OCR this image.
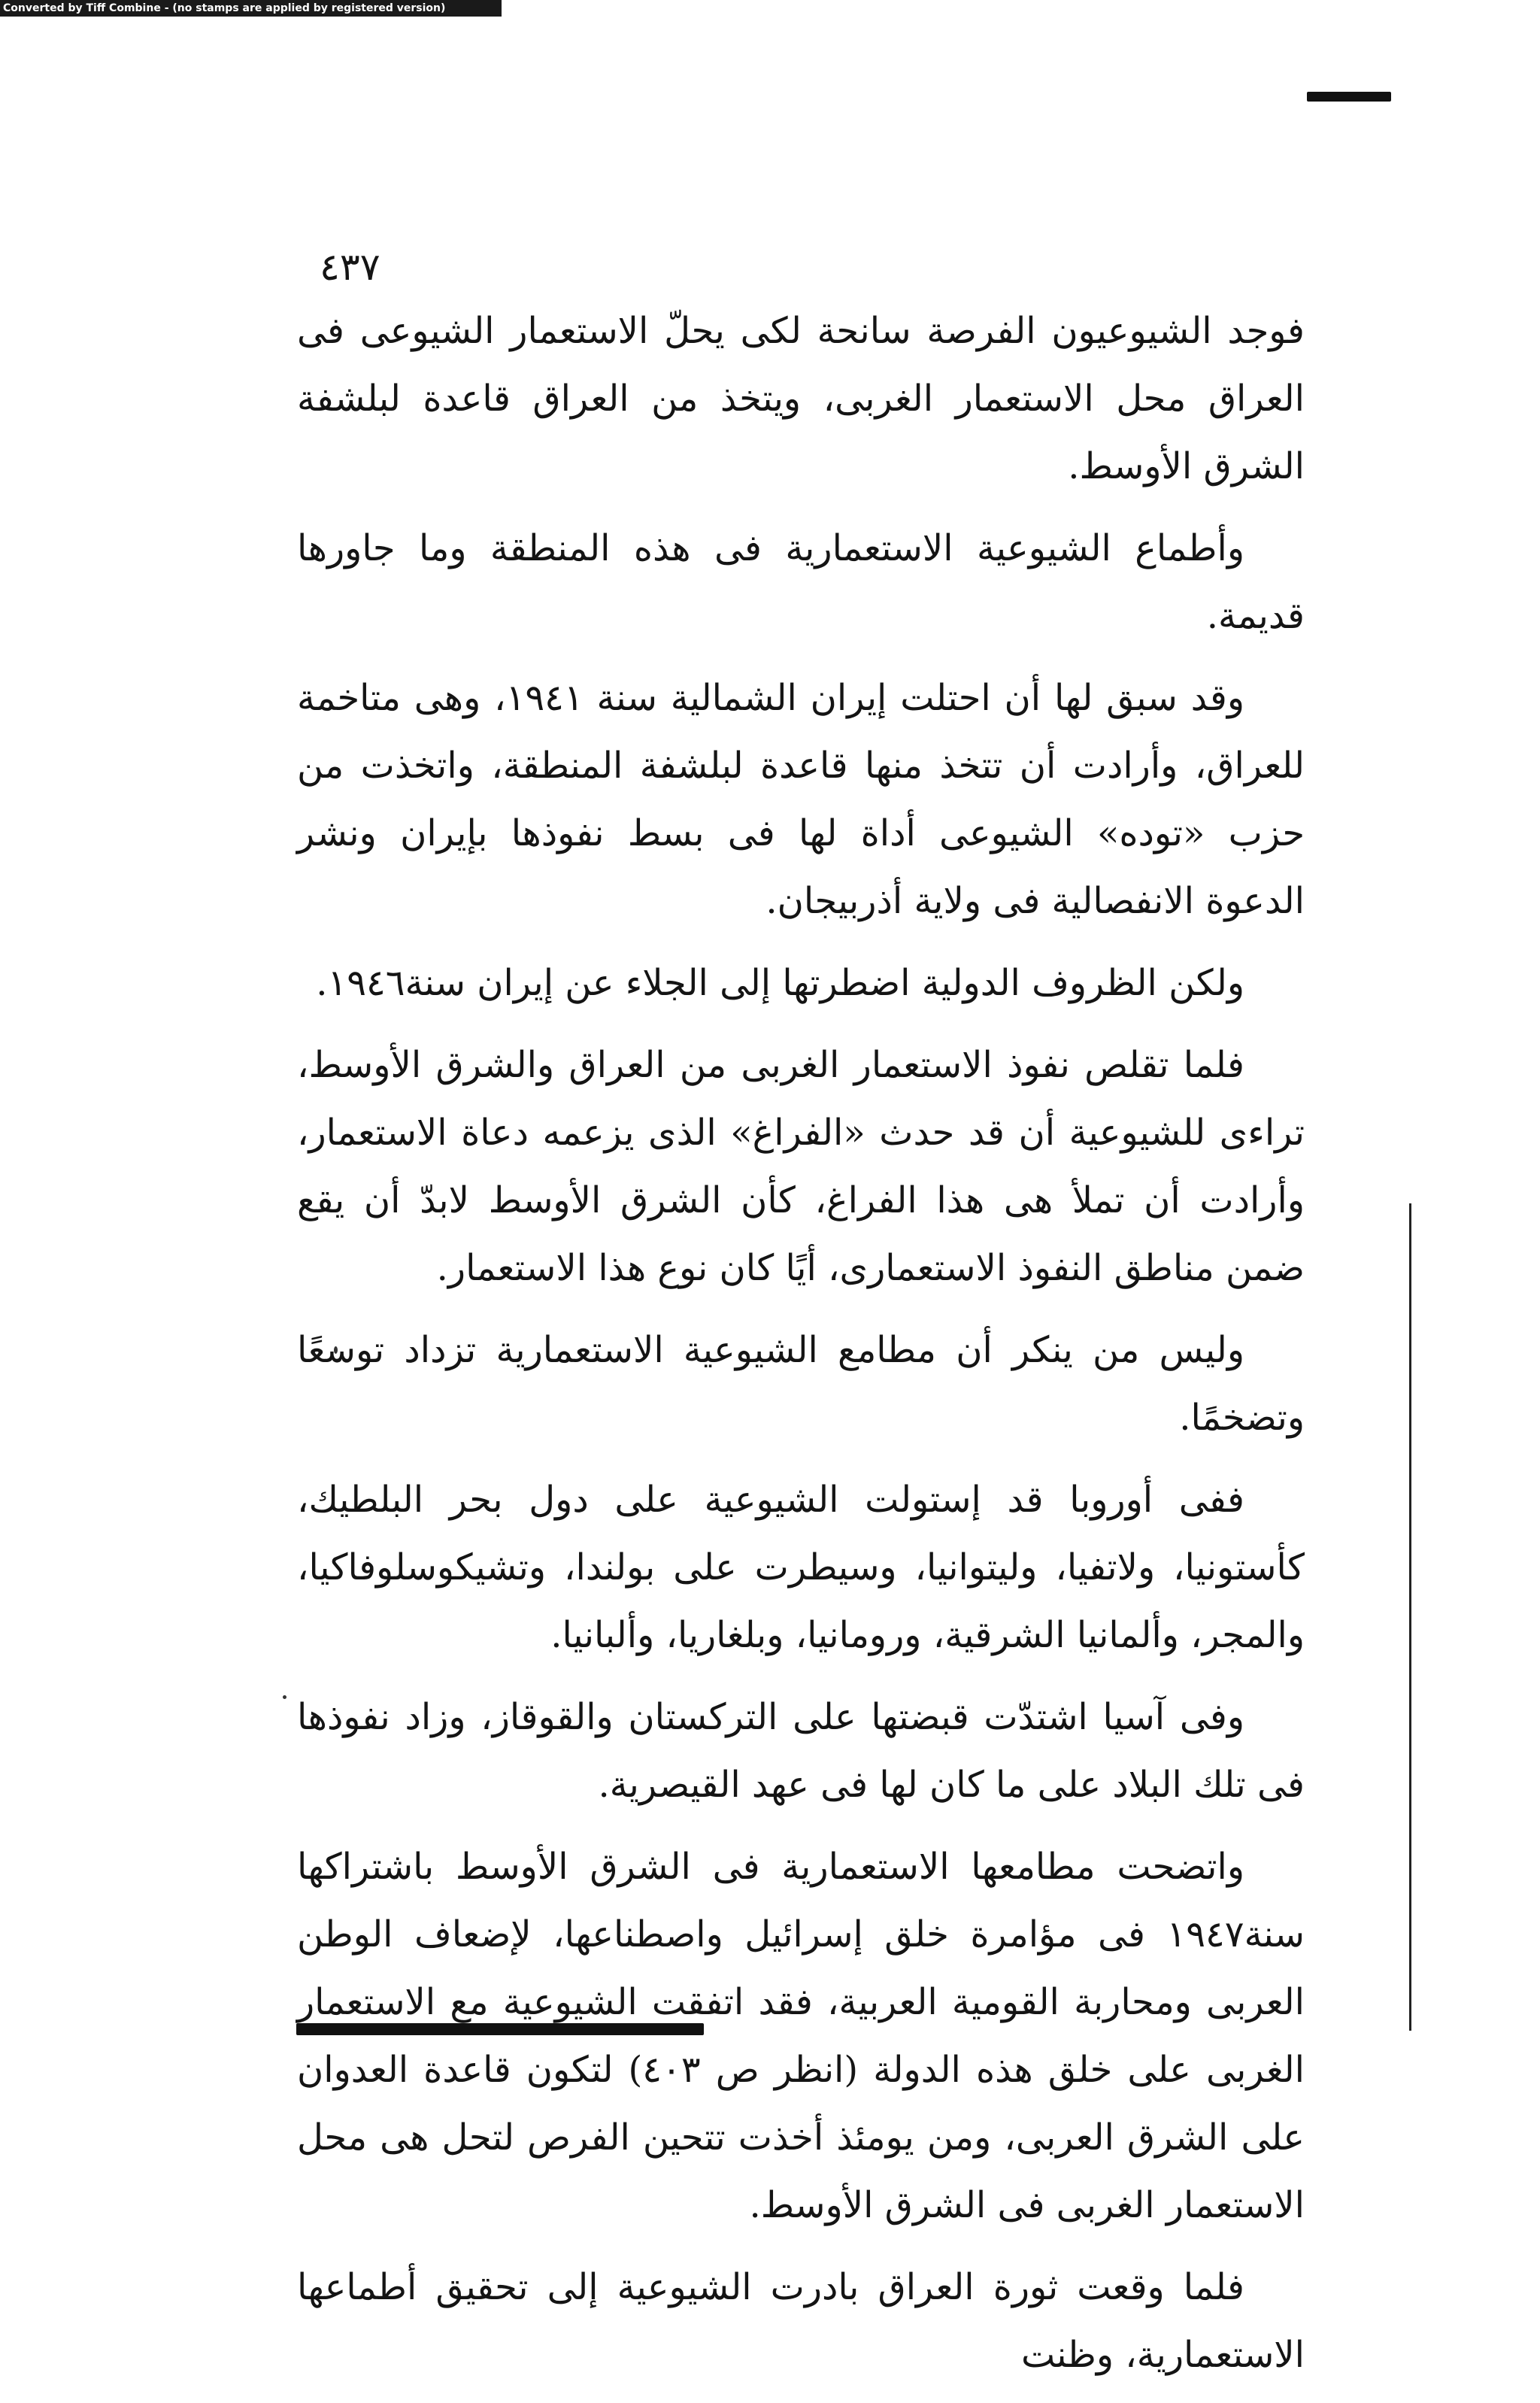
Converted by Tiff Combine - (no stamps are applied by registered version)
٤٣٧

فوجد الشيوعيون الفرصة سانحة لكى يحلّ الاستعمار الشيوعى فى العراق محل الاستعمار الغربى، ويتخذ من العراق قاعدة لبلشفة الشرق الأوسط.

وأطماع الشيوعية الاستعمارية فى هذه المنطقة وما جاورها قديمة.

وقد سبق لها أن احتلت إيران الشمالية سنة ١٩٤١، وهى متاخمة للعراق، وأرادت أن تتخذ منها قاعدة لبلشفة المنطقة، واتخذت من حزب «توده» الشيوعى أداة لها فى بسط نفوذها بإيران ونشر الدعوة الانفصالية فى ولاية أذربيجان.

ولكن الظروف الدولية اضطرتها إلى الجلاء عن إيران سنة١٩٤٦.

فلما تقلص نفوذ الاستعمار الغربى من العراق والشرق الأوسط، تراءى للشيوعية أن قد حدث «الفراغ» الذى يزعمه دعاة الاستعمار، وأرادت أن تملأ هى هذا الفراغ، كأن الشرق الأوسط لابدّ أن يقع ضمن مناطق النفوذ الاستعمارى، أيًا كان نوع هذا الاستعمار.

وليس من ينكر أن مطامع الشيوعية الاستعمارية تزداد توسعًا وتضخمًا.

ففى أوروبا قد إستولت الشيوعية على دول بحر البلطيك، كأستونيا، ولاتفيا، وليتوانيا، وسيطرت على بولندا، وتشيكوسلوفاكيا، والمجر، وألمانيا الشرقية، ورومانيا، وبلغاريا، وألبانيا.

وفى آسيا اشتدّت قبضتها على التركستان والقوقاز، وزاد نفوذها فى تلك البلاد على ما كان لها فى عهد القيصرية.

واتضحت مطامعها الاستعمارية فى الشرق الأوسط باشتراكها سنة١٩٤٧ فى مؤامرة خلق إسرائيل واصطناعها، لإضعاف الوطن العربى ومحاربة القومية العربية، فقد اتفقت الشيوعية مع الاستعمار الغربى على خلق هذه الدولة (انظر ص ٤٠٣) لتكون قاعدة العدوان على الشرق العربى، ومن يومئذ أخذت تتحين الفرص لتحل هى محل الاستعمار الغربى فى الشرق الأوسط.

فلما وقعت ثورة العراق بادرت الشيوعية إلى تحقيق أطماعها الاستعمارية، وظنت
